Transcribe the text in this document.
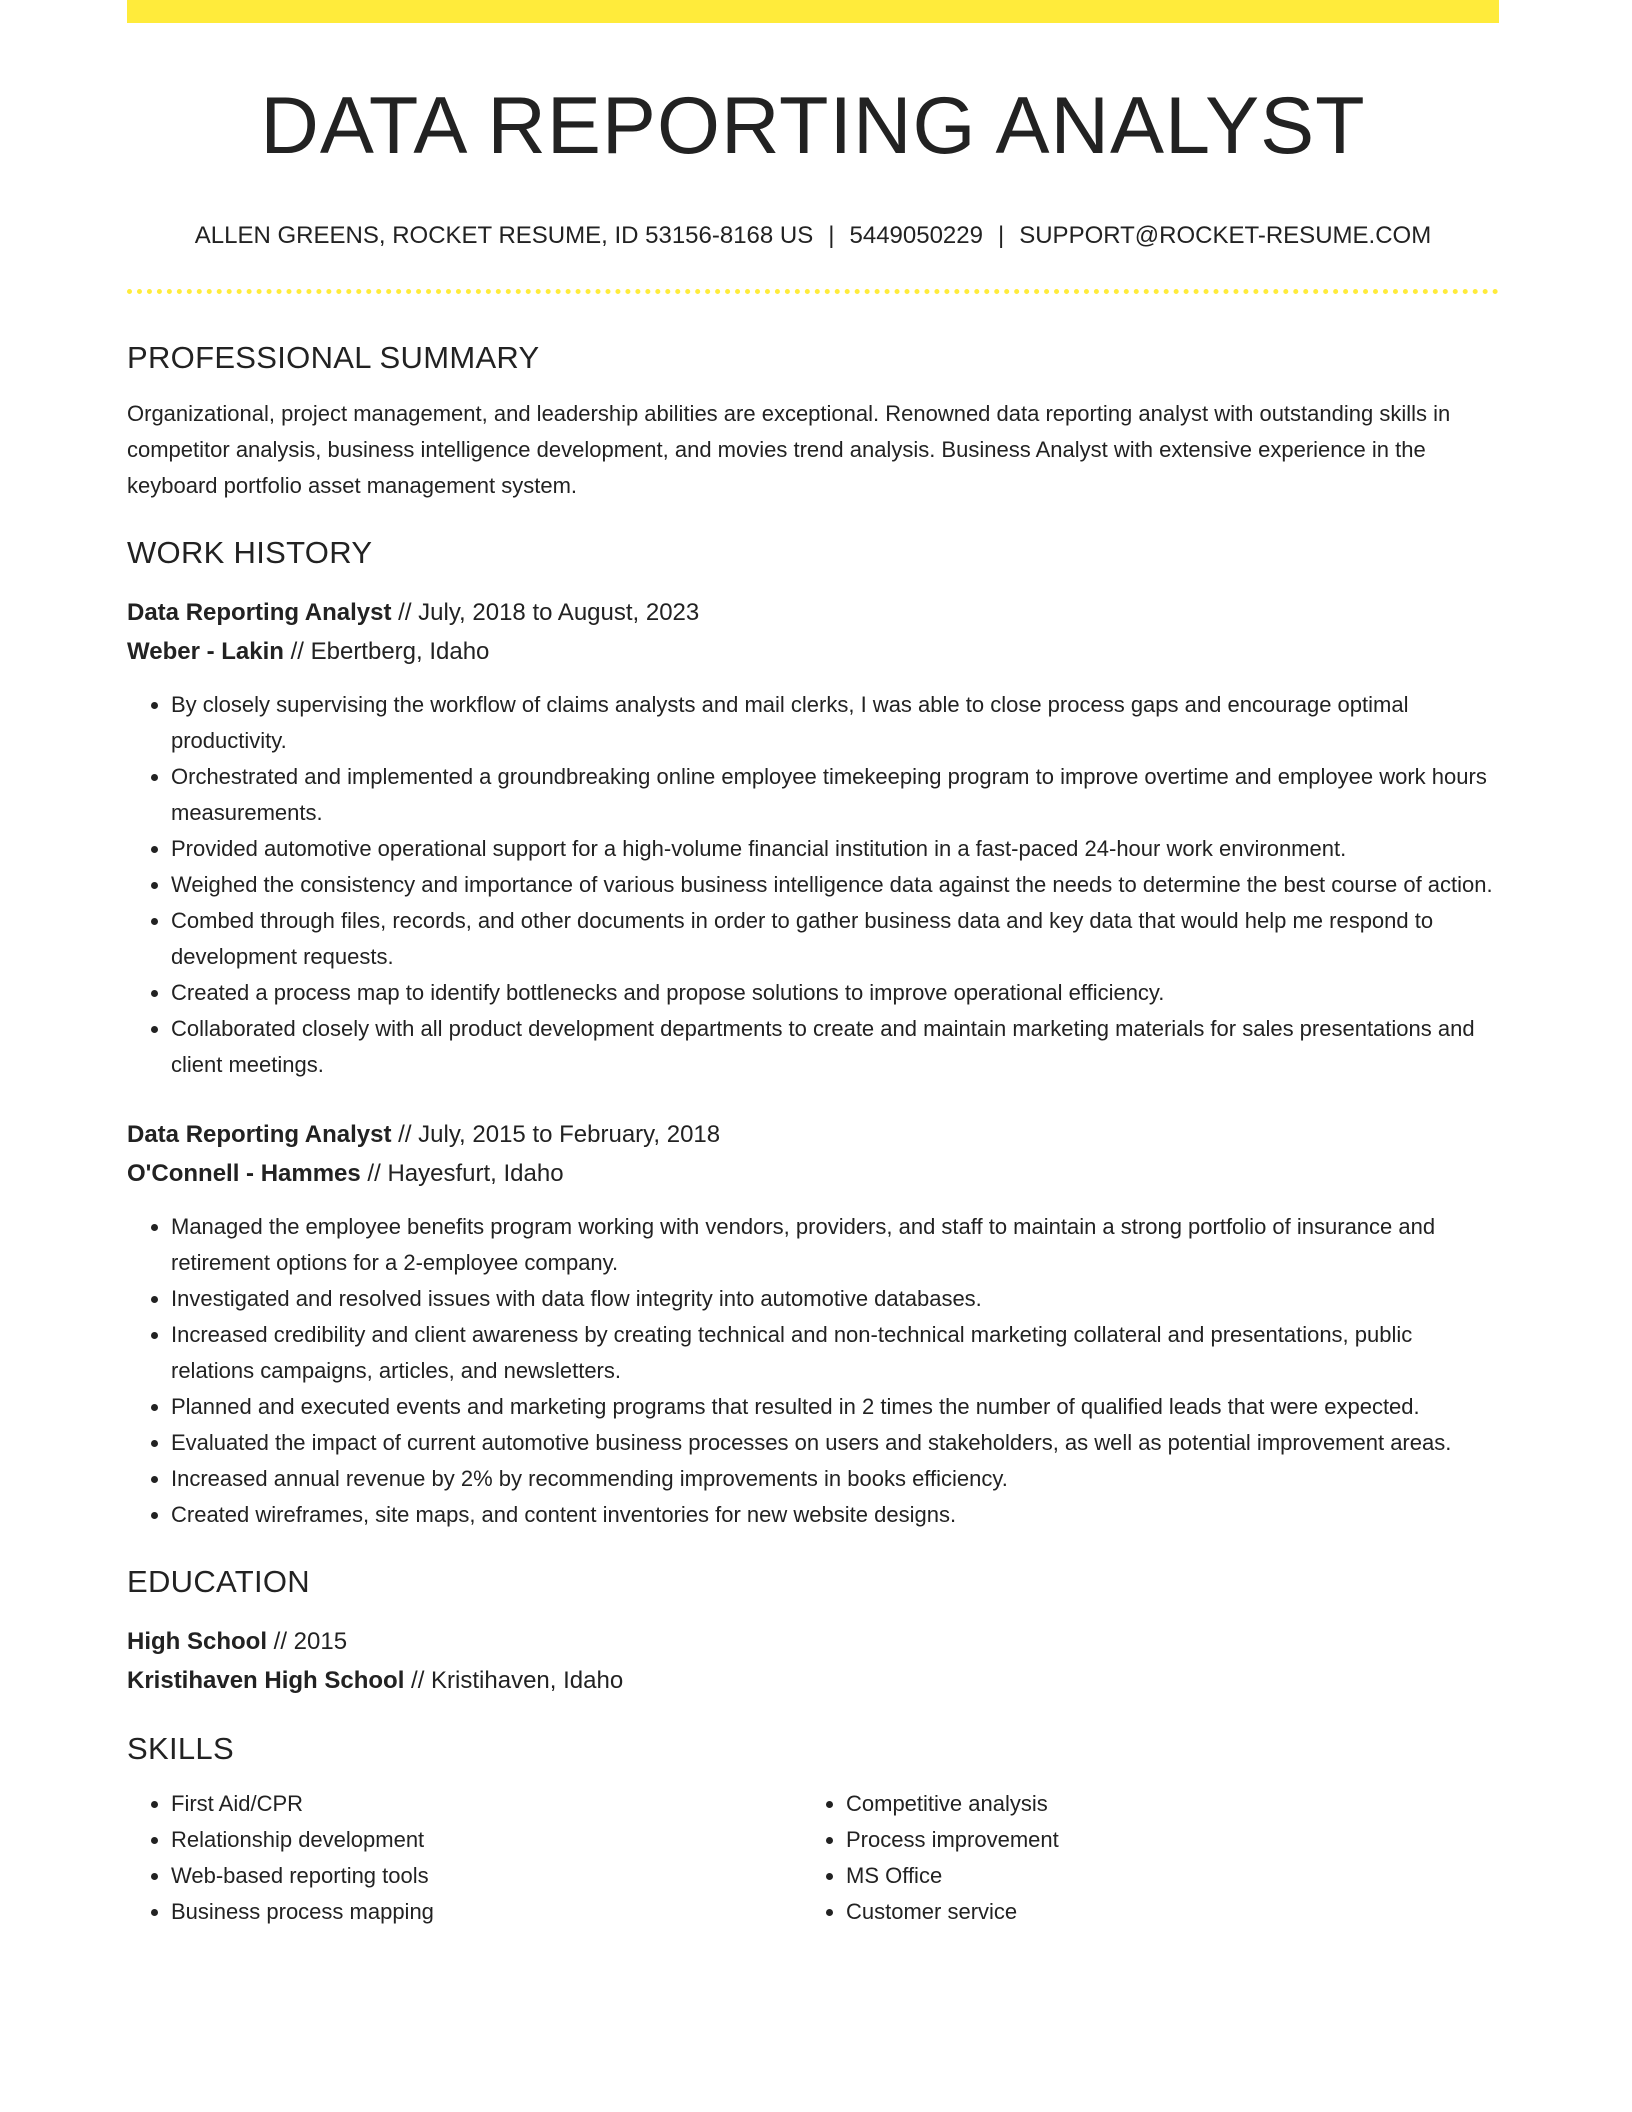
DATA REPORTING ANALYST
ALLEN GREENS, ROCKET RESUME, ID 53156-8168 US | 5449050229 | SUPPORT@ROCKET-RESUME.COM
PROFESSIONAL SUMMARY
Organizational, project management, and leadership abilities are exceptional. Renowned data reporting analyst with outstanding skills in competitor analysis, business intelligence development, and movies trend analysis. Business Analyst with extensive experience in the keyboard portfolio asset management system.
WORK HISTORY
Data Reporting Analyst // July, 2018 to August, 2023
Weber - Lakin // Ebertberg, Idaho
• By closely supervising the workflow of claims analysts and mail clerks, I was able to close process gaps and encourage optimal productivity.
• Orchestrated and implemented a groundbreaking online employee timekeeping program to improve overtime and employee work hours measurements.
• Provided automotive operational support for a high-volume financial institution in a fast-paced 24-hour work environment.
• Weighed the consistency and importance of various business intelligence data against the needs to determine the best course of action.
• Combed through files, records, and other documents in order to gather business data and key data that would help me respond to development requests.
• Created a process map to identify bottlenecks and propose solutions to improve operational efficiency.
• Collaborated closely with all product development departments to create and maintain marketing materials for sales presentations and client meetings.
Data Reporting Analyst // July, 2015 to February, 2018
O'Connell - Hammes // Hayesfurt, Idaho
• Managed the employee benefits program working with vendors, providers, and staff to maintain a strong portfolio of insurance and retirement options for a 2-employee company.
• Investigated and resolved issues with data flow integrity into automotive databases.
• Increased credibility and client awareness by creating technical and non-technical marketing collateral and presentations, public relations campaigns, articles, and newsletters.
• Planned and executed events and marketing programs that resulted in 2 times the number of qualified leads that were expected.
• Evaluated the impact of current automotive business processes on users and stakeholders, as well as potential improvement areas.
• Increased annual revenue by 2% by recommending improvements in books efficiency.
• Created wireframes, site maps, and content inventories for new website designs.
EDUCATION
High School // 2015
Kristihaven High School // Kristihaven, Idaho
SKILLS
• First Aid/CPR
• Relationship development
• Web-based reporting tools
• Business process mapping
• Competitive analysis
• Process improvement
• MS Office
• Customer service
